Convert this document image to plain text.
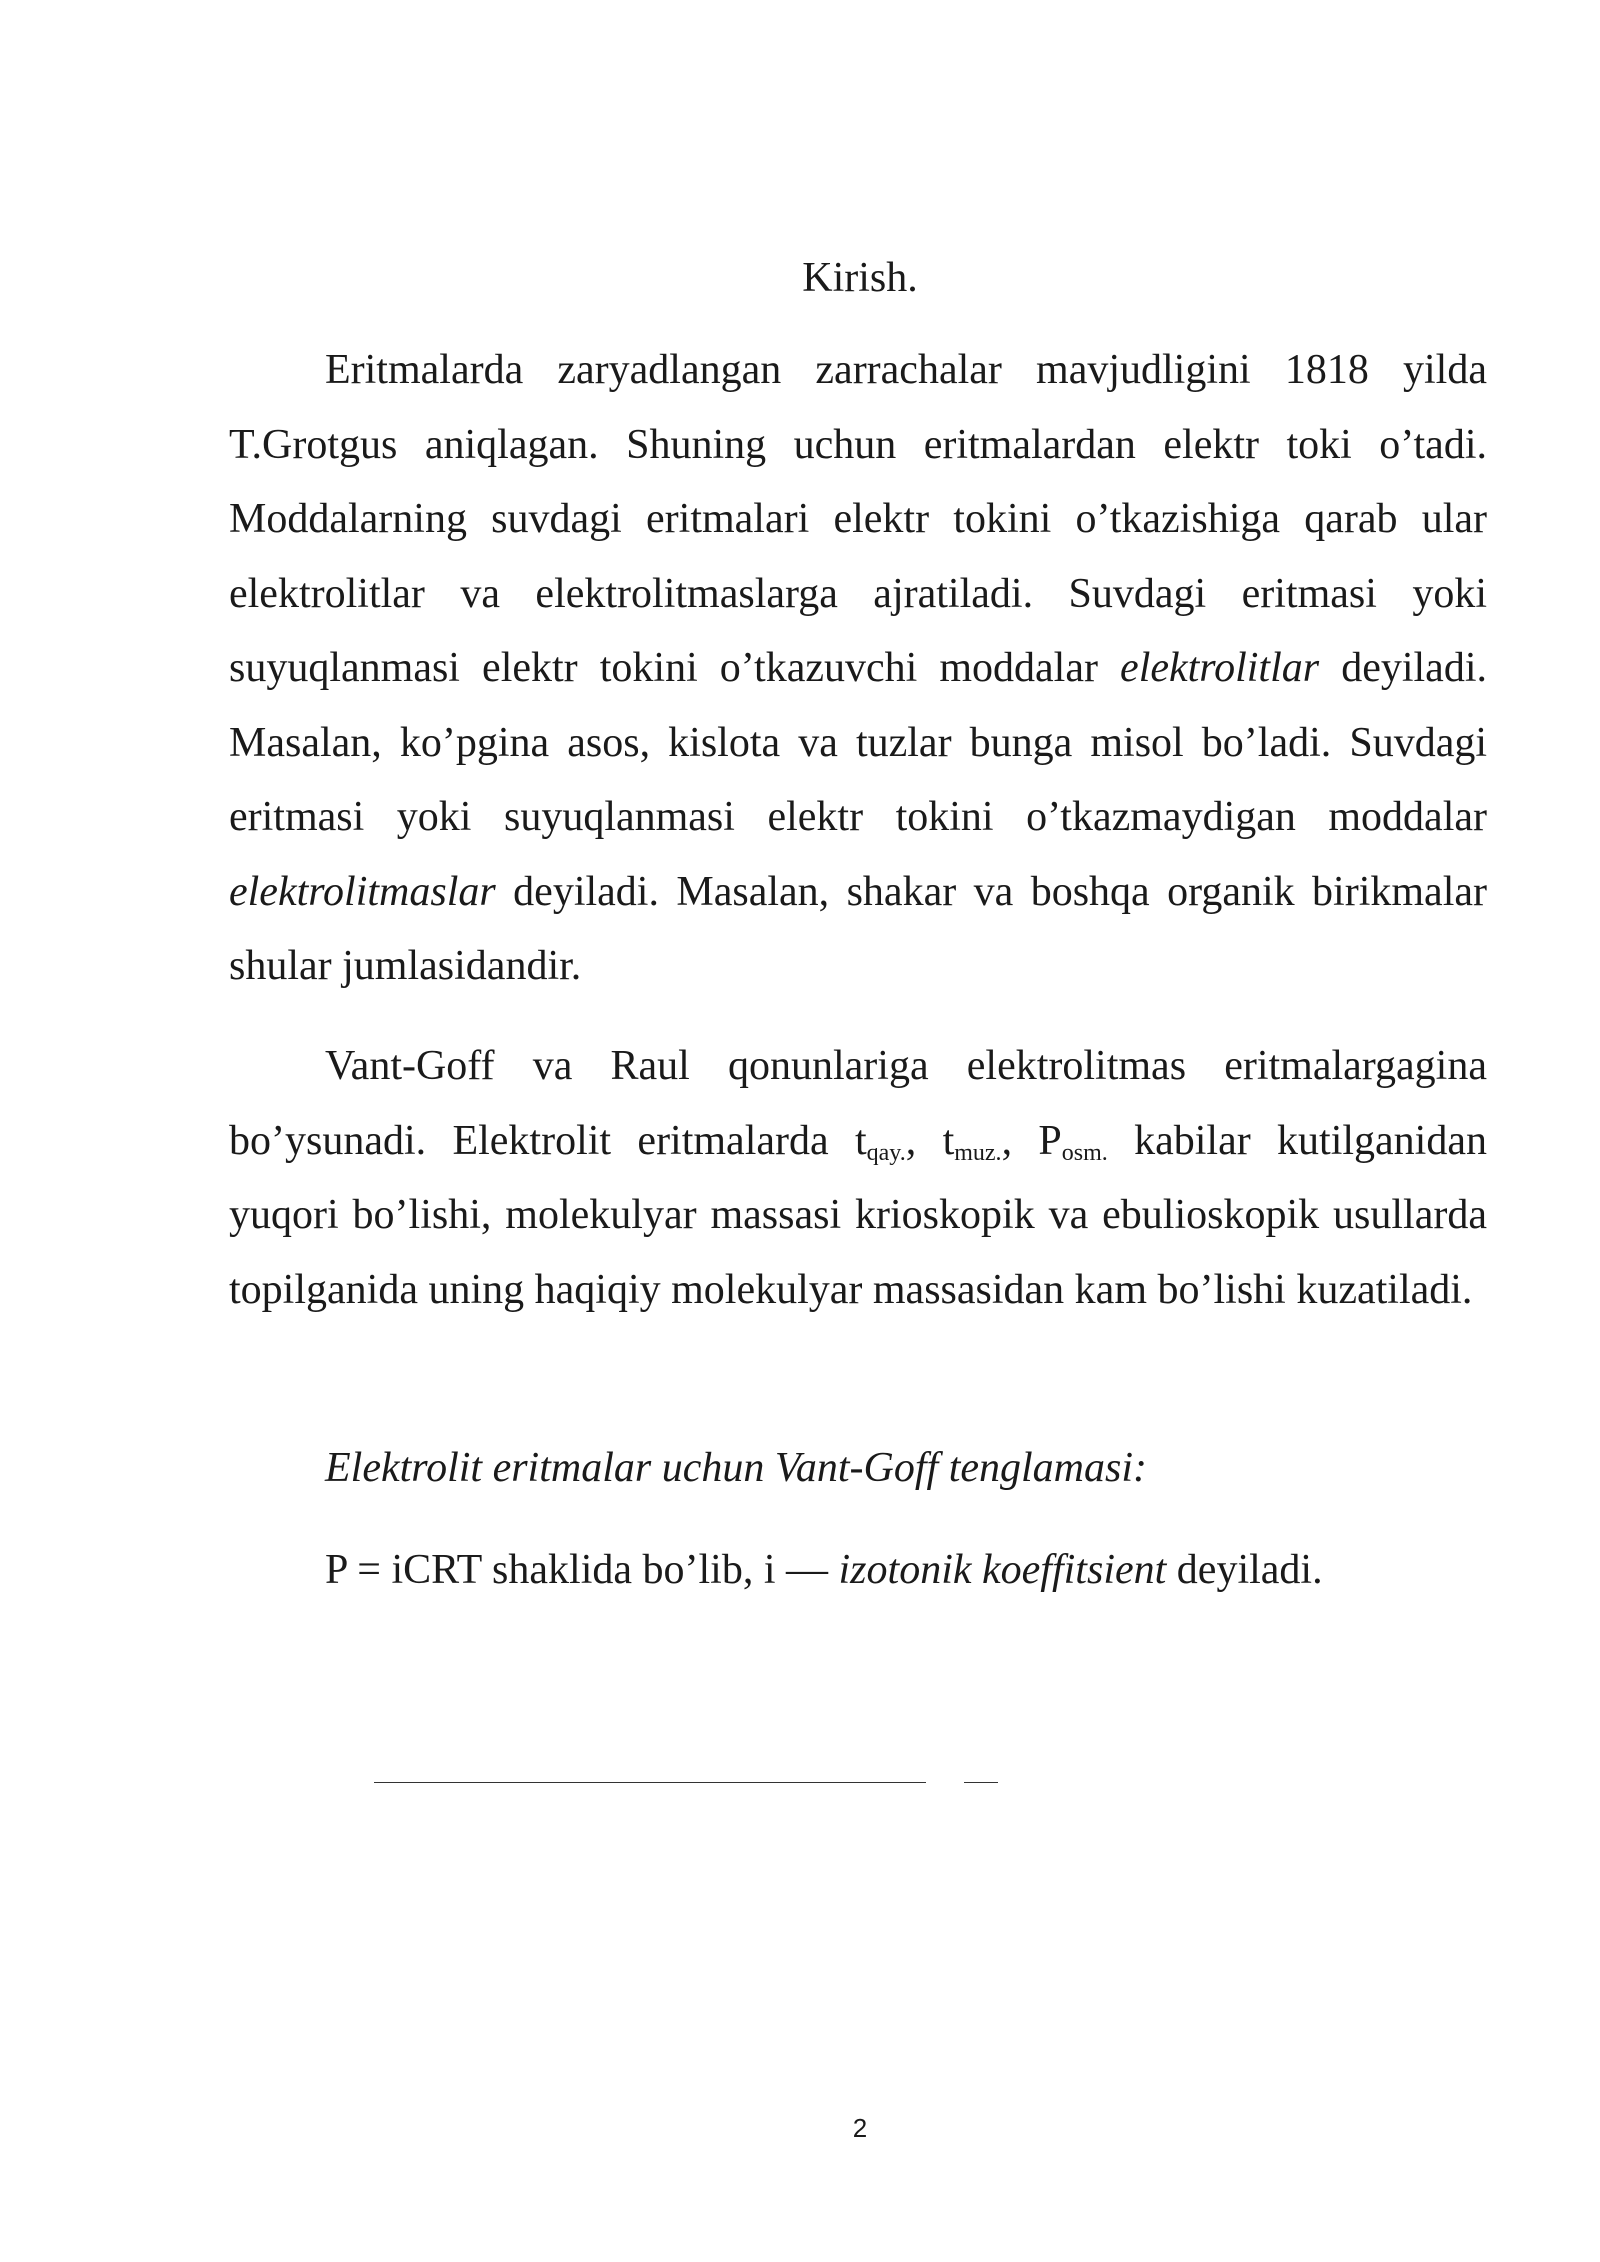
Kirish.

Eritmalarda zaryadlangan zarrachalar mavjudligini 1818 yilda T.Grotgus aniqlagan. Shuning uchun eritmalardan elektr toki o’tadi. Moddalarning suvdagi eritmalari elektr tokini o’tkazishiga qarab ular elektrolitlar va elektrolitmaslarga ajratiladi. Suvdagi eritmasi yoki suyuqlanmasi elektr tokini o’tkazuvchi moddalar elektrolitlar deyiladi. Masalan, ko’pgina asos, kislota va tuzlar bunga misol bo’ladi. Suvdagi eritmasi yoki suyuqlanmasi elektr tokini o’tkazmaydigan moddalar elektrolitmaslar deyiladi. Masalan, shakar va boshqa organik birikmalar shular jumlasidandir.

Vant-Goff va Raul qonunlariga elektrolitmas eritmalargagina bo’ysunadi. Elektrolit eritmalarda $t_{qay.}$, $t_{muz.}$, $P_{osm.}$ kabilar kutilganidan yuqori bo’lishi, molekulyar massasi krioskopik va ebulioskopik usullarda topilganida uning haqiqiy molekulyar massasidan kam bo’lishi kuzatiladi.

Elektrolit eritmalar uchun Vant-Goff tenglamasi:

P = iCRT shaklida bo’lib, i — izotonik koeffitsient deyiladi.

2
